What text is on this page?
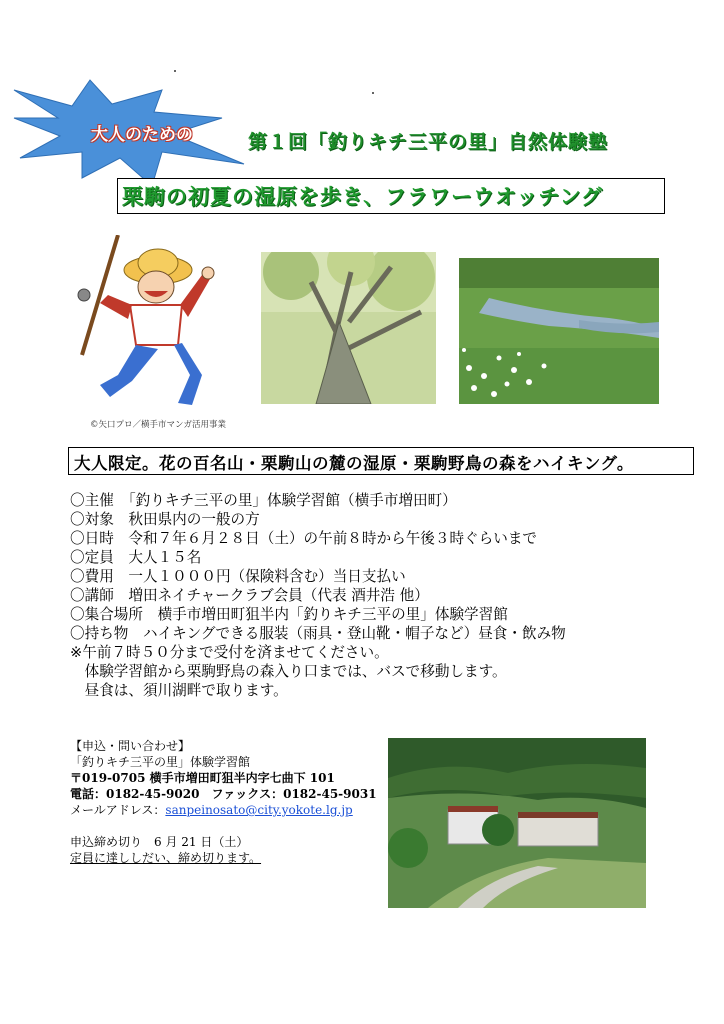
大人のための	第１回「釣りキチ三平の里」自然体験塾
栗駒の初夏の湿原を歩き、フラワーウオッチング
©矢口プロ／横手市マンガ活用事業
大人限定。花の百名山・栗駒山の麓の湿原・栗駒野鳥の森をハイキング。
〇主催　「釣りキチ三平の里」体験学習館（横手市増田町）
〇対象　秋田県内の一般の方
〇日時　令和７年６月２８日（土）の午前８時から午後３時ぐらいまで
〇定員　大人１５名
〇費用　一人１０００円（保険料含む）当日支払い
〇講師　増田ネイチャークラブ会員（代表 酒井浩 他）
〇集合場所　横手市増田町狙半内「釣りキチ三平の里」体験学習館
〇持ち物　ハイキングできる服装（雨具・登山靴・帽子など）昼食・飲み物
※午前７時５０分まで受付を済ませてください。
　体験学習館から栗駒野鳥の森入り口までは、バスで移動します。
　昼食は、須川湖畔で取ります。
【申込・問い合わせ】
「釣りキチ三平の里」体験学習館
〒019-0705 横手市増田町狙半内字七曲下 101
電話：0182-45-9020　ファックス：0182-45-9031
メールアドレス：sanpeinosato@city.yokote.lg.jp
申込締め切り　6 月 21 日（土）
定員に達ししだい、締め切ります。
